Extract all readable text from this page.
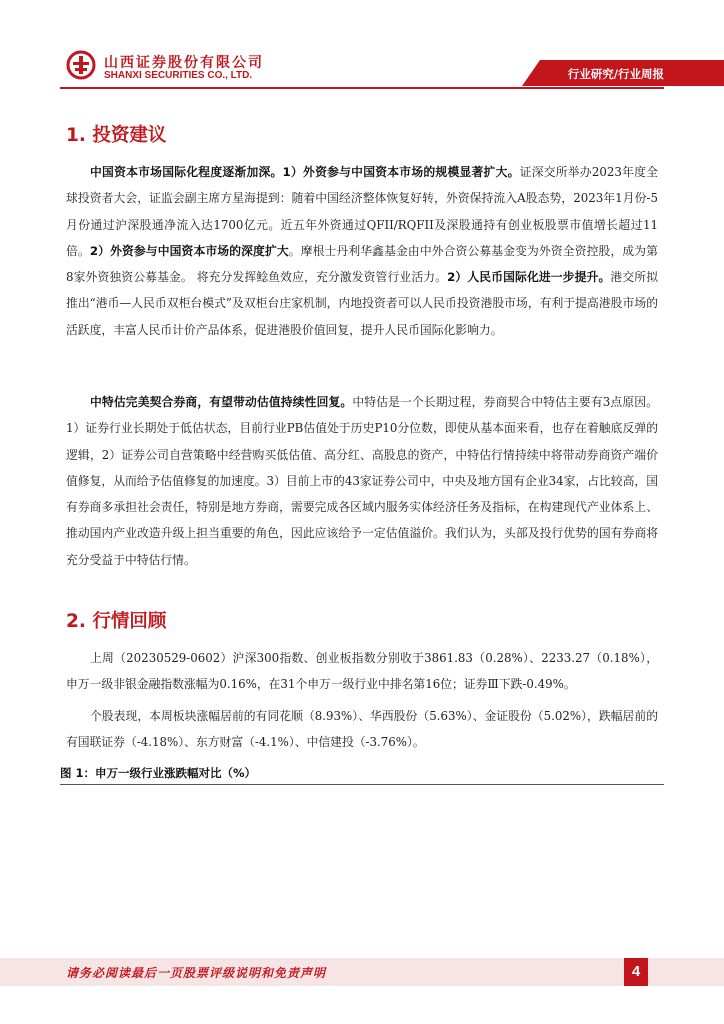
山西证券股份有限公司
SHANXI SECURITIES CO., LTD.	行业研究/行业周报
1. 投资建议
中国资本市场国际化程度逐渐加深。1）外资参与中国资本市场的规模显著扩大。证深交所举办2023年度全球投资者大会，证监会副主席方星海提到：随着中国经济整体恢复好转，外资保持流入A股态势，2023年1月份-5月份通过沪深股通净流入达1700亿元。近五年外资通过QFII/RQFII及深股通持有创业板股票市值增长超过11倍。2）外资参与中国资本市场的深度扩大。摩根士丹利华鑫基金由中外合资公募基金变为外资全资控股，成为第8家外资独资公募基金。 将充分发挥鲶鱼效应，充分激发资管行业活力。2）人民币国际化进一步提升。港交所拟推出“港币—人民币双柜台模式”及双柜台庄家机制，内地投资者可以人民币投资港股市场，有利于提高港股市场的活跃度，丰富人民币计价产品体系，促进港股价值回复，提升人民币国际化影响力。
中特估完美契合券商，有望带动估值持续性回复。中特估是一个长期过程，券商契合中特估主要有3点原因。1）证券行业长期处于低估状态，目前行业PB估值处于历史P10分位数，即使从基本面来看，也存在着触底反弹的逻辑，2）证券公司自营策略中经营购买低估值、高分红、高股息的资产，中特估行情持续中将带动券商资产端价值修复，从而给予估值修复的加速度。3）目前上市的43家证券公司中，中央及地方国有企业34家，占比较高，国有券商多承担社会责任，特别是地方券商，需要完成各区域内服务实体经济任务及指标，在构建现代产业体系上、推动国内产业改造升级上担当重要的角色，因此应该给予一定估值溢价。我们认为，头部及投行优势的国有券商将充分受益于中特估行情。
2. 行情回顾
上周（20230529-0602）沪深300指数、创业板指数分别收于3861.83（0.28%）、2233.27（0.18%），申万一级非银金融指数涨幅为0.16%，在31个申万一级行业中排名第16位；证券Ⅲ下跌-0.49%。
个股表现，本周板块涨幅居前的有同花顺（8.93%）、华西股份（5.63%）、金证股份（5.02%），跌幅居前的有国联证券（-4.18%）、东方财富（-4.1%）、中信建投（-3.76%）。
图 1：申万一级行业涨跌幅对比（%）
请务必阅读最后一页股票评级说明和免责声明	4
